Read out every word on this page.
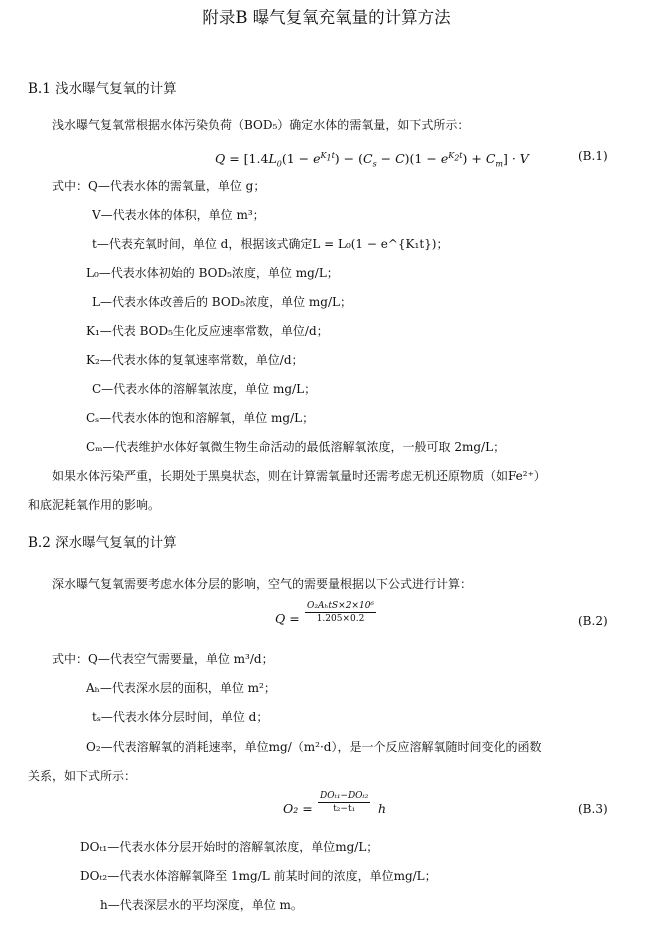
附录B 曝气复氧充氧量的计算方法
B.1 浅水曝气复氧的计算
浅水曝气复氧常根据水体污染负荷（BOD₅）确定水体的需氧量，如下式所示：
$Q = [1.4L_0(1 - e^{K_1t}) - (C_s - C)(1 - e^{K_2t}) + C_m] \cdot V$	(B.1)
式中：Q—代表水体的需氧量，单位 g；
V—代表水体的体积，单位 m³；
t—代表充氧时间，单位 d，根据该式确定L = L₀(1 − e^{K₁t})；
L₀—代表水体初始的 BOD₅浓度，单位 mg/L；
L—代表水体改善后的 BOD₅浓度，单位 mg/L；
K₁—代表 BOD₅生化反应速率常数，单位/d；
K₂—代表水体的复氧速率常数，单位/d；
C—代表水体的溶解氧浓度，单位 mg/L；
Cₛ—代表水体的饱和溶解氧，单位 mg/L；
Cₘ—代表维护水体好氧微生物生命活动的最低溶解氧浓度，一般可取 2mg/L；
如果水体污染严重，长期处于黑臭状态，则在计算需氧量时还需考虑无机还原物质（如Fe²⁺）
和底泥耗氧作用的影响。
B.2 深水曝气复氧的计算
深水曝气复氧需要考虑水体分层的影响，空气的需要量根据以下公式进行计算：
Q =
O₂AₕtS×2×10⁶
1.205×0.2	(B.2)
式中：Q—代表空气需要量，单位 m³/d；
Aₕ—代表深水层的面积，单位 m²；
tₛ—代表水体分层时间，单位 d；
O₂—代表溶解氧的消耗速率，单位mg/（m²·d），是一个反应溶解氧随时间变化的函数
关系，如下式所示：
O₂ =
DOₜ₁−DOₜ₂
t₂−t₁	h	(B.3)
DOₜ₁—代表水体分层开始时的溶解氧浓度，单位mg/L；
DOₜ₂—代表水体溶解氧降至 1mg/L 前某时间的浓度，单位mg/L；
h—代表深层水的平均深度，单位 m。
